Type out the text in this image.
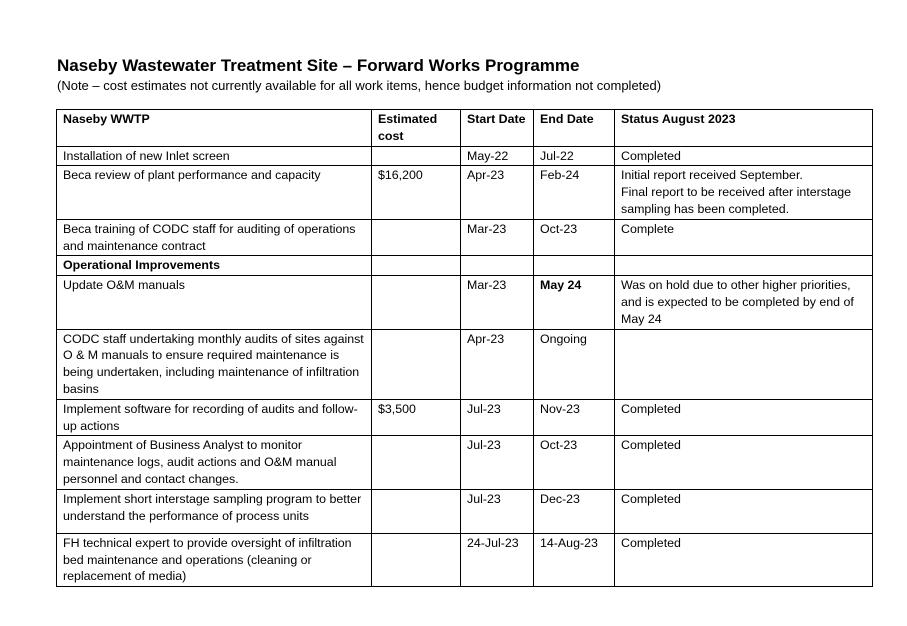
Naseby Wastewater Treatment Site – Forward Works Programme
(Note – cost estimates not currently available for all work items, hence budget information not completed)
Naseby WWTP	Estimated cost	Start Date	End Date	Status August 2023
Installation of new Inlet screen		May-22	Jul-22	Completed
Beca review of plant performance and capacity	$16,200	Apr-23	Feb-24	Initial report received September.
Final report to be received after interstage sampling has been completed.
Beca training of CODC staff for auditing of operations and maintenance contract		Mar-23	Oct-23	Complete
Operational Improvements				
Update O&M manuals		Mar-23	May 24	Was on hold due to other higher priorities, and is expected to be completed by end of May 24
CODC staff undertaking monthly audits of sites against O & M manuals to ensure required maintenance is being undertaken, including maintenance of infiltration basins		Apr-23	Ongoing	
Implement software for recording of audits and follow-up actions	$3,500	Jul-23	Nov-23	Completed
Appointment of Business Analyst to monitor maintenance logs, audit actions and O&M manual personnel and contact changes.		Jul-23	Oct-23	Completed
Implement short interstage sampling program to better understand the performance of process units		Jul-23	Dec-23	Completed
FH technical expert to provide oversight of infiltration bed maintenance and operations (cleaning or replacement of media)		24-Jul-23	14-Aug-23	Completed
